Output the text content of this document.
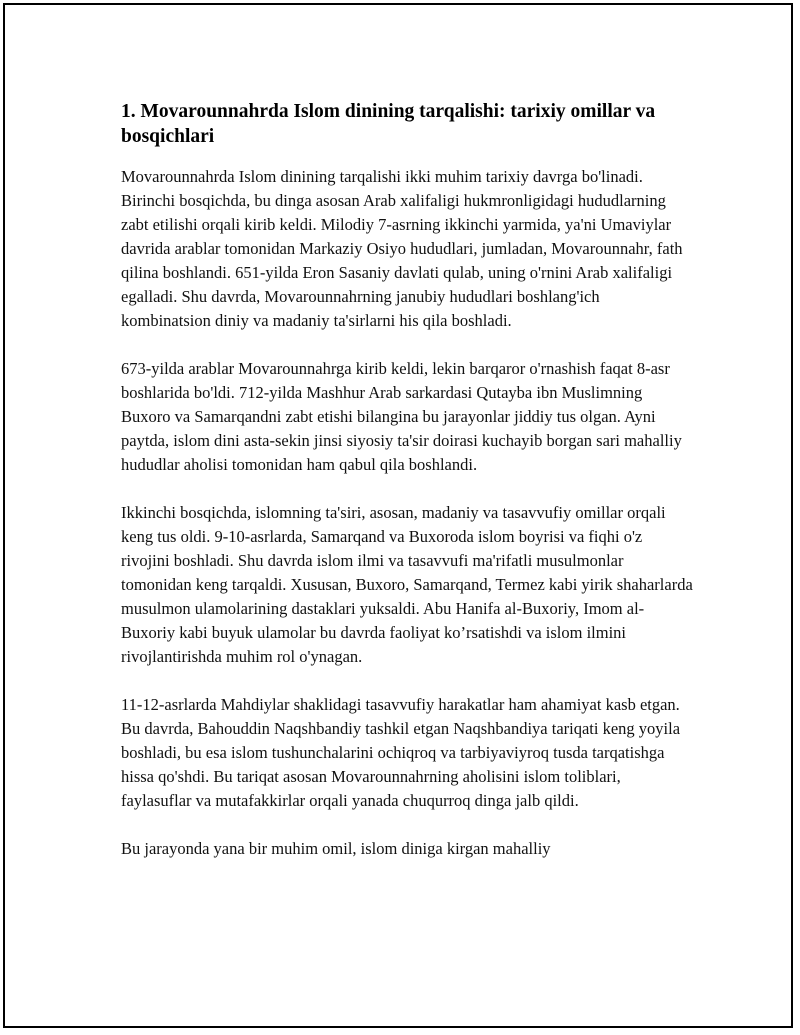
1. Movarounnahrda Islom dinining tarqalishi: tarixiy omillar va bosqichlari

Movarounnahrda Islom dinining tarqalishi ikki muhim tarixiy davrga bo'linadi. Birinchi bosqichda, bu dinga asosan Arab xalifaligi hukmronligidagi hududlarning zabt etilishi orqali kirib keldi. Milodiy 7-asrning ikkinchi yarmida, ya'ni Umaviylar davrida arablar tomonidan Markaziy Osiyo hududlari, jumladan, Movarounnahr, fath qilina boshlandi. 651-yilda Eron Sasaniy davlati qulab, uning o'rnini Arab xalifaligi egalladi. Shu davrda, Movarounnahrning janubiy hududlari boshlang'ich kombinatsion diniy va madaniy ta'sirlarni his qila boshladi.

673-yilda arablar Movarounnahrga kirib keldi, lekin barqaror o'rnashish faqat 8-asr boshlarida bo'ldi. 712-yilda Mashhur Arab sarkardasi Qutayba ibn Muslimning Buxoro va Samarqandni zabt etishi bilangina bu jarayonlar jiddiy tus olgan. Ayni paytda, islom dini asta-sekin jinsi siyosiy ta'sir doirasi kuchayib borgan sari mahalliy hududlar aholisi tomonidan ham qabul qila boshlandi.

Ikkinchi bosqichda, islomning ta'siri, asosan, madaniy va tasavvufiy omillar orqali keng tus oldi. 9-10-asrlarda, Samarqand va Buxoroda islom boyrisi va fiqhi o'z rivojini boshladi. Shu davrda islom ilmi va tasavvufi ma'rifatli musulmonlar tomonidan keng tarqaldi. Xususan, Buxoro, Samarqand, Termez kabi yirik shaharlarda musulmon ulamolarining dastaklari yuksaldi. Abu Hanifa al-Buxoriy, Imom al-Buxoriy kabi buyuk ulamolar bu davrda faoliyat ko’rsatishdi va islom ilmini rivojlantirishda muhim rol o'ynagan.

11-12-asrlarda Mahdiylar shaklidagi tasavvufiy harakatlar ham ahamiyat kasb etgan. Bu davrda, Bahouddin Naqshbandiy tashkil etgan Naqshbandiya tariqati keng yoyila boshladi, bu esa islom tushunchalarini ochiqroq va tarbiyaviyroq tusda tarqatishga hissa qo'shdi. Bu tariqat asosan Movarounnahrning aholisini islom toliblari, faylasuflar va mutafakkirlar orqali yanada chuqurroq dinga jalb qildi.

Bu jarayonda yana bir muhim omil, islom diniga kirgan mahalliy
